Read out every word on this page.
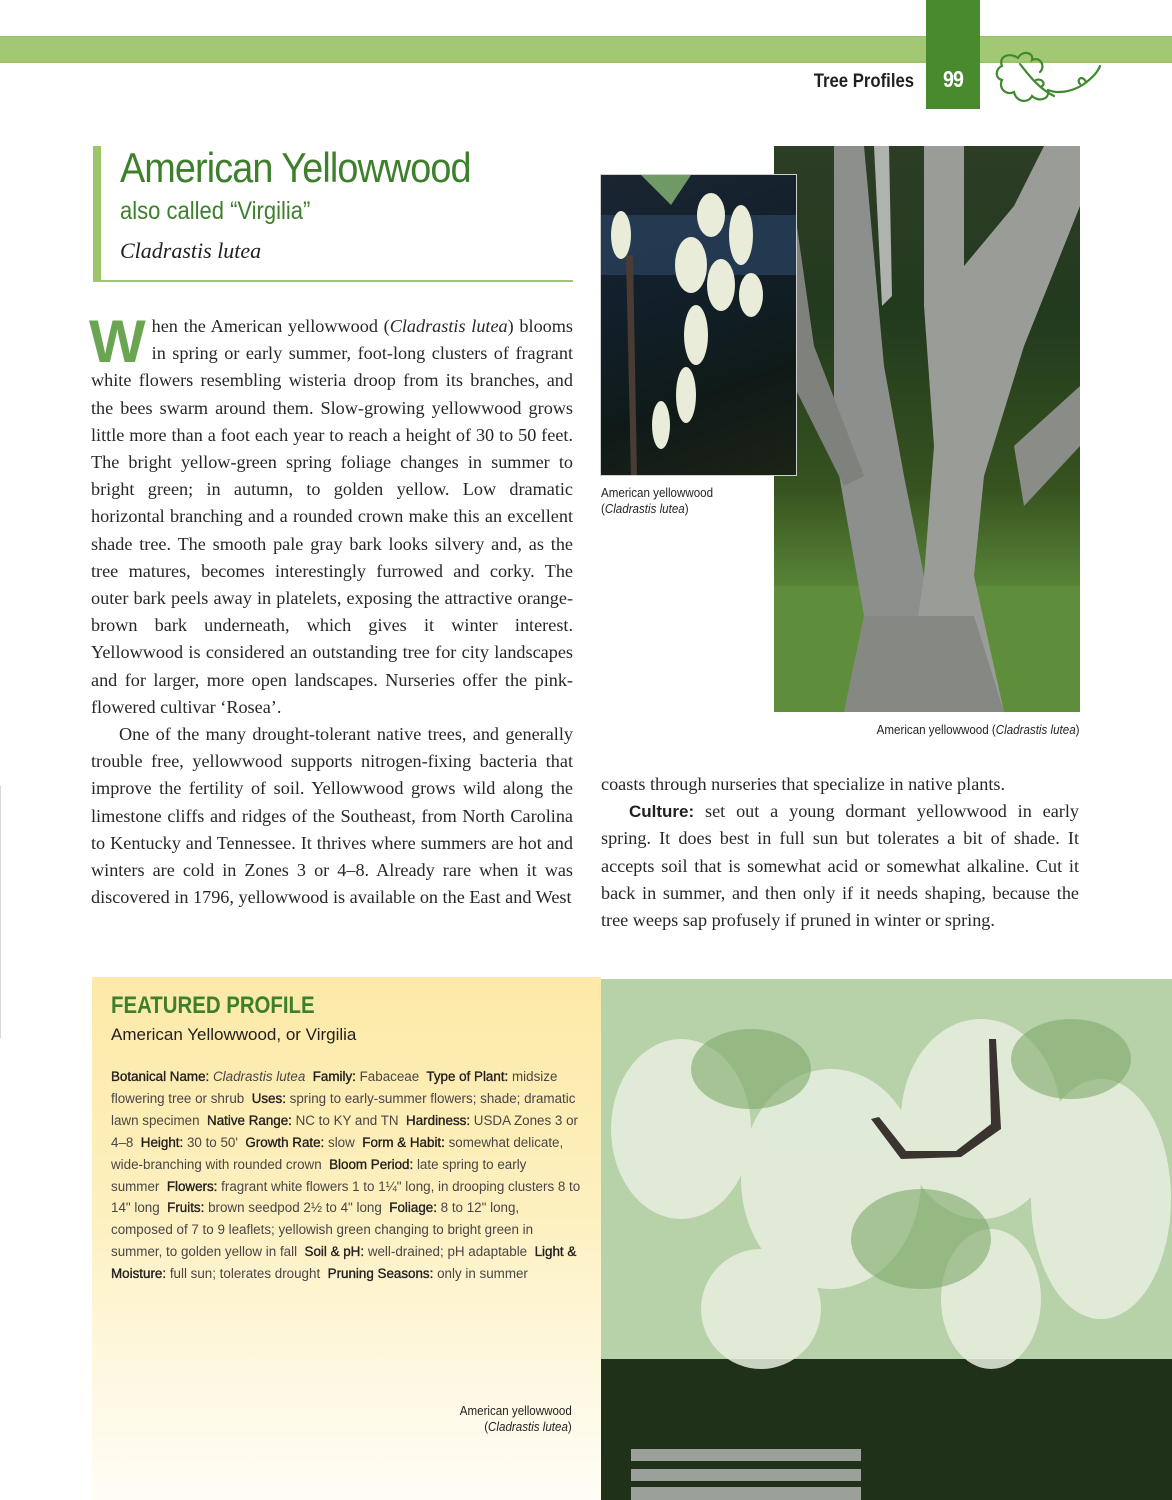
99
Tree Profiles
American Yellowwood
also called “Virgilia”
Cladrastis lutea

When the American yellowwood (Cladrastis lutea) blooms in spring or early summer, foot-long clusters of fragrant white flowers resembling wisteria droop from its branches, and the bees swarm around them. Slow-growing yellowwood grows little more than a foot each year to reach a height of 30 to 50 feet. The bright yellow-green spring foliage changes in summer to bright green; in autumn, to golden yellow. Low dramatic horizontal branching and a rounded crown make this an excellent shade tree. The smooth pale gray bark looks silvery and, as the tree matures, becomes interestingly furrowed and corky. The outer bark peels away in platelets, exposing the attractive orange-brown bark underneath, which gives it winter interest. Yellowwood is considered an outstanding tree for city landscapes and for larger, more open landscapes. Nurseries offer the pink-flowered cultivar ‘Rosea’.

One of the many drought-tolerant native trees, and generally trouble free, yellowwood supports nitrogen-fixing bacteria that improve the fertility of soil. Yellowwood grows wild along the limestone cliffs and ridges of the Southeast, from North Carolina to Kentucky and Tennessee. It thrives where summers are hot and winters are cold in Zones 3 or 4–8. Already rare when it was discovered in 1796, yellowwood is available on the East and West

coasts through nurseries that specialize in native plants.

Culture: set out a young dormant yellowwood in early spring. It does best in full sun but tolerates a bit of shade. It accepts soil that is somewhat acid or somewhat alkaline. Cut it back in summer, and then only if it needs shaping, because the tree weeps sap profusely if pruned in winter or spring.

American yellowwood
(Cladrastis lutea)
American yellowwood (Cladrastis lutea)
FEATURED PROFILE
American Yellowwood, or Virgilia
Botanical Name: Cladrastis lutea Family: Fabaceae Type of Plant: midsize flowering tree or shrub Uses: spring to early-summer flowers; shade; dramatic lawn specimen Native Range: NC to KY and TN Hardiness: USDA Zones 3 or 4–8 Height: 30 to 50' Growth Rate: slow Form & Habit: somewhat delicate, wide-branching with rounded crown Bloom Period: late spring to early summer Flowers: fragrant white flowers 1 to 1¼" long, in drooping clusters 8 to 14" long Fruits: brown seedpod 2½ to 4" long Foliage: 8 to 12" long, composed of 7 to 9 leaflets; yellowish green changing to bright green in summer, to golden yellow in fall Soil & pH: well-drained; pH adaptable Light & Moisture: full sun; tolerates drought Pruning Seasons: only in summer
American yellowwood
(Cladrastis lutea)
